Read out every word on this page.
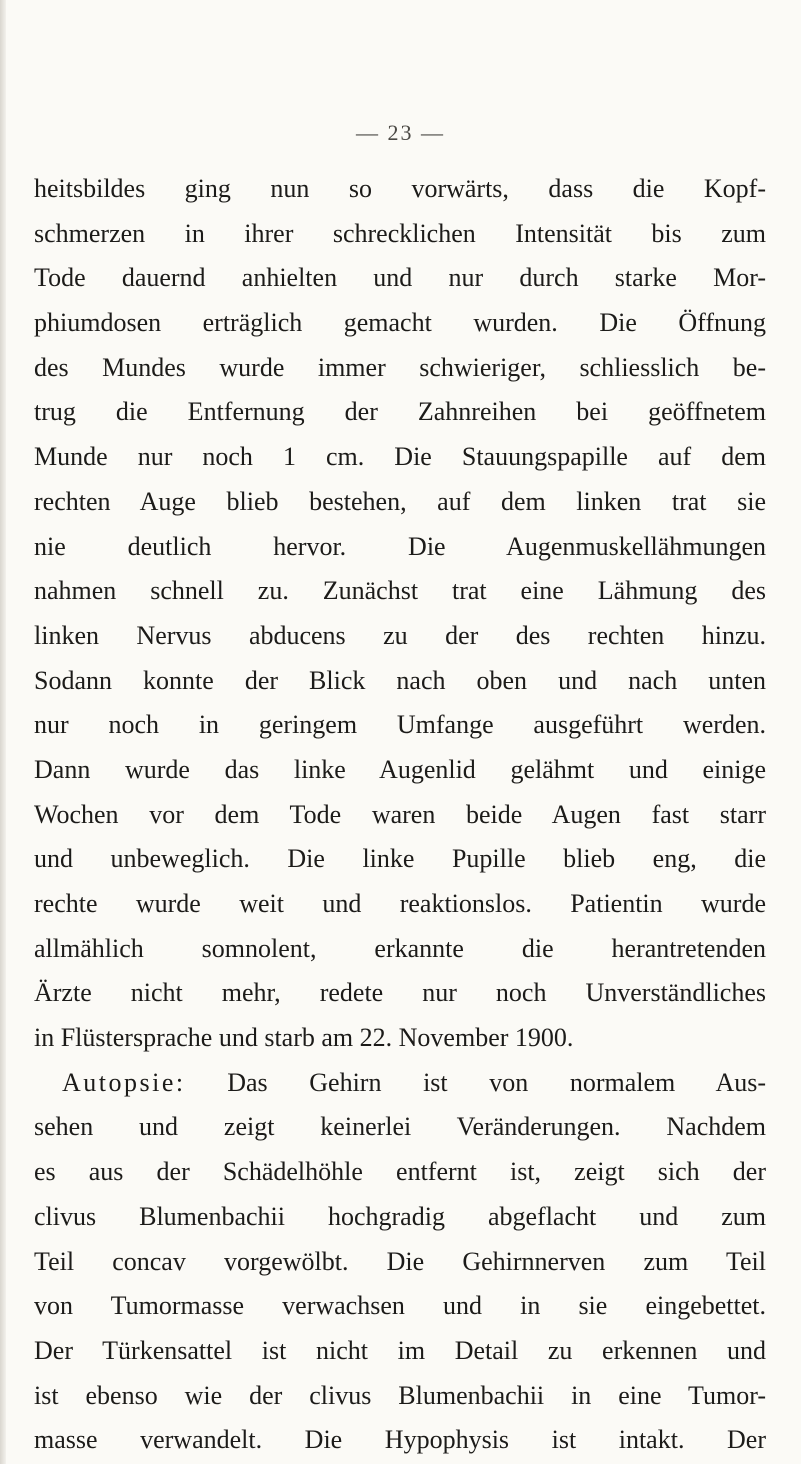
— 23 —
heitsbildes ging nun so vorwärts, dass die Kopf-
schmerzen in ihrer schrecklichen Intensität bis zum
Tode dauernd anhielten und nur durch starke Mor-
phiumdosen erträglich gemacht wurden. Die Öffnung
des Mundes wurde immer schwieriger, schliesslich be-
trug die Entfernung der Zahnreihen bei geöffnetem
Munde nur noch 1 cm. Die Stauungspapille auf dem
rechten Auge blieb bestehen, auf dem linken trat sie
nie deutlich hervor. Die Augenmuskellähmungen
nahmen schnell zu. Zunächst trat eine Lähmung des
linken Nervus abducens zu der des rechten hinzu.
Sodann konnte der Blick nach oben und nach unten
nur noch in geringem Umfange ausgeführt werden.
Dann wurde das linke Augenlid gelähmt und einige
Wochen vor dem Tode waren beide Augen fast starr
und unbeweglich. Die linke Pupille blieb eng, die
rechte wurde weit und reaktionslos. Patientin wurde
allmählich somnolent, erkannte die herantretenden
Ärzte nicht mehr, redete nur noch Unverständliches
in Flüstersprache und starb am 22. November 1900.
Autopsie: Das Gehirn ist von normalem Aus-
sehen und zeigt keinerlei Veränderungen. Nachdem
es aus der Schädelhöhle entfernt ist, zeigt sich der
clivus Blumenbachii hochgradig abgeflacht und zum
Teil concav vorgewölbt. Die Gehirnnerven zum Teil
von Tumormasse verwachsen und in sie eingebettet.
Der Türkensattel ist nicht im Detail zu erkennen und
ist ebenso wie der clivus Blumenbachii in eine Tumor-
masse verwandelt. Die Hypophysis ist intakt. Der
